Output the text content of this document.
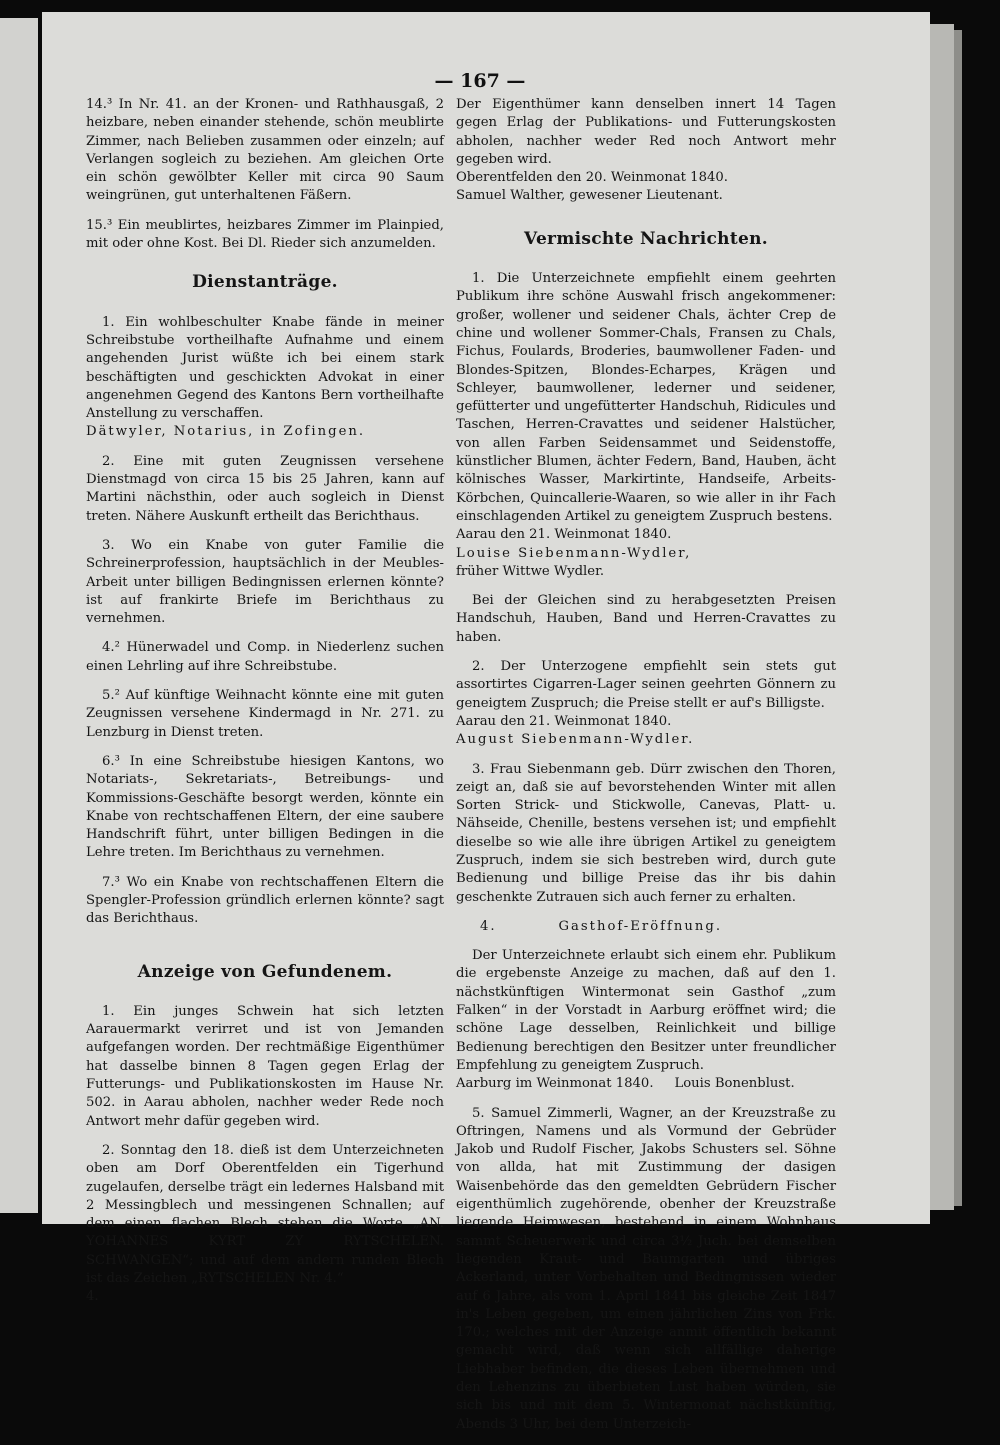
— 167 —

14.³ In Nr. 41. an der Kronen- und Rathhausgaß, 2 heizbare, neben einander stehende, schön meublirte Zimmer, nach Belieben zusammen oder einzeln; auf Verlangen sogleich zu beziehen. Am gleichen Orte ein schön gewölbter Keller mit circa 90 Saum weingrünen, gut unterhaltenen Fäßern.

15.³ Ein meublirtes, heizbares Zimmer im Plainpied, mit oder ohne Kost. Bei Dl. Rieder sich anzumelden.

Dienstanträge.

1. Ein wohlbeschulter Knabe fände in meiner Schreibstube vortheilhafte Aufnahme und einem angehenden Jurist wüßte ich bei einem stark beschäftigten und geschickten Advokat in einer angenehmen Gegend des Kantons Bern vortheilhafte Anstellung zu verschaffen.

Dätwyler, Notarius, in Zofingen.

2. Eine mit guten Zeugnissen versehene Dienstmagd von circa 15 bis 25 Jahren, kann auf Martini nächsthin, oder auch sogleich in Dienst treten. Nähere Auskunft ertheilt das Berichthaus.

3. Wo ein Knabe von guter Familie die Schreinerprofession, hauptsächlich in der Meubles-Arbeit unter billigen Bedingnissen erlernen könnte? ist auf frankirte Briefe im Berichthaus zu vernehmen.

4.² Hünerwadel und Comp. in Niederlenz suchen einen Lehrling auf ihre Schreibstube.

5.² Auf künftige Weihnacht könnte eine mit guten Zeugnissen versehene Kindermagd in Nr. 271. zu Lenzburg in Dienst treten.

6.³ In eine Schreibstube hiesigen Kantons, wo Notariats-, Sekretariats-, Betreibungs- und Kommissions-Geschäfte besorgt werden, könnte ein Knabe von rechtschaffenen Eltern, der eine saubere Handschrift führt, unter billigen Bedingen in die Lehre treten. Im Berichthaus zu vernehmen.

7.³ Wo ein Knabe von rechtschaffenen Eltern die Spengler-Profession gründlich erlernen könnte? sagt das Berichthaus.

Anzeige von Gefundenem.

1. Ein junges Schwein hat sich letzten Aarauermarkt verirret und ist von Jemanden aufgefangen worden. Der rechtmäßige Eigenthümer hat dasselbe binnen 8 Tagen gegen Erlag der Futterungs- und Publikationskosten im Hause Nr. 502. in Aarau abholen, nachher weder Rede noch Antwort mehr dafür gegeben wird.

2. Sonntag den 18. dieß ist dem Unterzeichneten oben am Dorf Oberentfelden ein Tigerhund zugelaufen, derselbe trägt ein ledernes Halsband mit 2 Messingblech und messingenen Schnallen; auf dem einen flachen Blech stehen die Worte „AN. YOHANNES KYRT ZY RYTSCHELEN. SCHWANGEN“; und auf dem andern runden Blech ist das Zeichen „RYTSCHELEN Nr. 4.“

4.

Der Eigenthümer kann denselben innert 14 Tagen gegen Erlag der Publikations- und Futterungskosten abholen, nachher weder Red noch Antwort mehr gegeben wird.

Oberentfelden den 20. Weinmonat 1840.

Samuel Walther, gewesener Lieutenant.

Vermischte Nachrichten.

1. Die Unterzeichnete empfiehlt einem geehrten Publikum ihre schöne Auswahl frisch angekommener: großer, wollener und seidener Chals, ächter Crep de chine und wollener Sommer-Chals, Fransen zu Chals, Fichus, Foulards, Broderies, baumwollener Faden- und Blondes-Spitzen, Blondes-Echarpes, Krägen und Schleyer, baumwollener, lederner und seidener, gefütterter und ungefütterter Handschuh, Ridicules und Taschen, Herren-Cravattes und seidener Halstücher, von allen Farben Seidensammet und Seidenstoffe, künstlicher Blumen, ächter Federn, Band, Hauben, ächt kölnisches Wasser, Markirtinte, Handseife, Arbeits-Körbchen, Quincallerie-Waaren, so wie aller in ihr Fach einschlagenden Artikel zu geneigtem Zuspruch bestens.

Aarau den 21. Weinmonat 1840.

Louise Siebenmann-Wydler,

früher Wittwe Wydler.

Bei der Gleichen sind zu herabgesetzten Preisen Handschuh, Hauben, Band und Herren-Cravattes zu haben.

2. Der Unterzogene empfiehlt sein stets gut assortirtes Cigarren-Lager seinen geehrten Gönnern zu geneigtem Zuspruch; die Preise stellt er auf's Billigste.

Aarau den 21. Weinmonat 1840.

August Siebenmann-Wydler.

3. Frau Siebenmann geb. Dürr zwischen den Thoren, zeigt an, daß sie auf bevorstehenden Winter mit allen Sorten Strick- und Stickwolle, Canevas, Platt- u. Nähseide, Chenille, bestens versehen ist; und empfiehlt dieselbe so wie alle ihre übrigen Artikel zu geneigtem Zuspruch, indem sie sich bestreben wird, durch gute Bedienung und billige Preise das ihr bis dahin geschenkte Zutrauen sich auch ferner zu erhalten.

4.          Gasthof-Eröffnung.

Der Unterzeichnete erlaubt sich einem ehr. Publikum die ergebenste Anzeige zu machen, daß auf den 1. nächstkünftigen Wintermonat sein Gasthof „zum Falken“ in der Vorstadt in Aarburg eröffnet wird; die schöne Lage desselben, Reinlichkeit und billige Bedienung berechtigen den Besitzer unter freundlicher Empfehlung zu geneigtem Zuspruch.

Aarburg im Weinmonat 1840.     Louis Bonenblust.

5. Samuel Zimmerli, Wagner, an der Kreuzstraße zu Oftringen, Namens und als Vormund der Gebrüder Jakob und Rudolf Fischer, Jakobs Schusters sel. Söhne von allda, hat mit Zustimmung der dasigen Waisenbehörde das den gemeldten Gebrüdern Fischer eigenthümlich zugehörende, obenher der Kreuzstraße liegende Heimwesen, bestehend in einem Wohnhaus sammt Scheuerwerk und circa 3½ Juch. bei demselben liegenden Kraut- und Baumgarten und übriges Ackerland, unter Vorbehalten und Bedingnissen wieder auf 6 Jahre, als vom 1. April 1841 bis gleiche Zeit 1847 in's Leben gegeben, um einen jährlichen Zins von Frk. 170.; welches mit der Anzeige anmit öffentlich bekannt gemacht wird, daß wenn sich allfällige daherige Liebhaber befinden, die dieses Leben übernehmen und den Lehenzins zu überbieten Lust haben würden, sie sich bis und mit dem 5. Wintermonat nächstkünftig, Abends 3 Uhr, bei dem Unterzeich-
